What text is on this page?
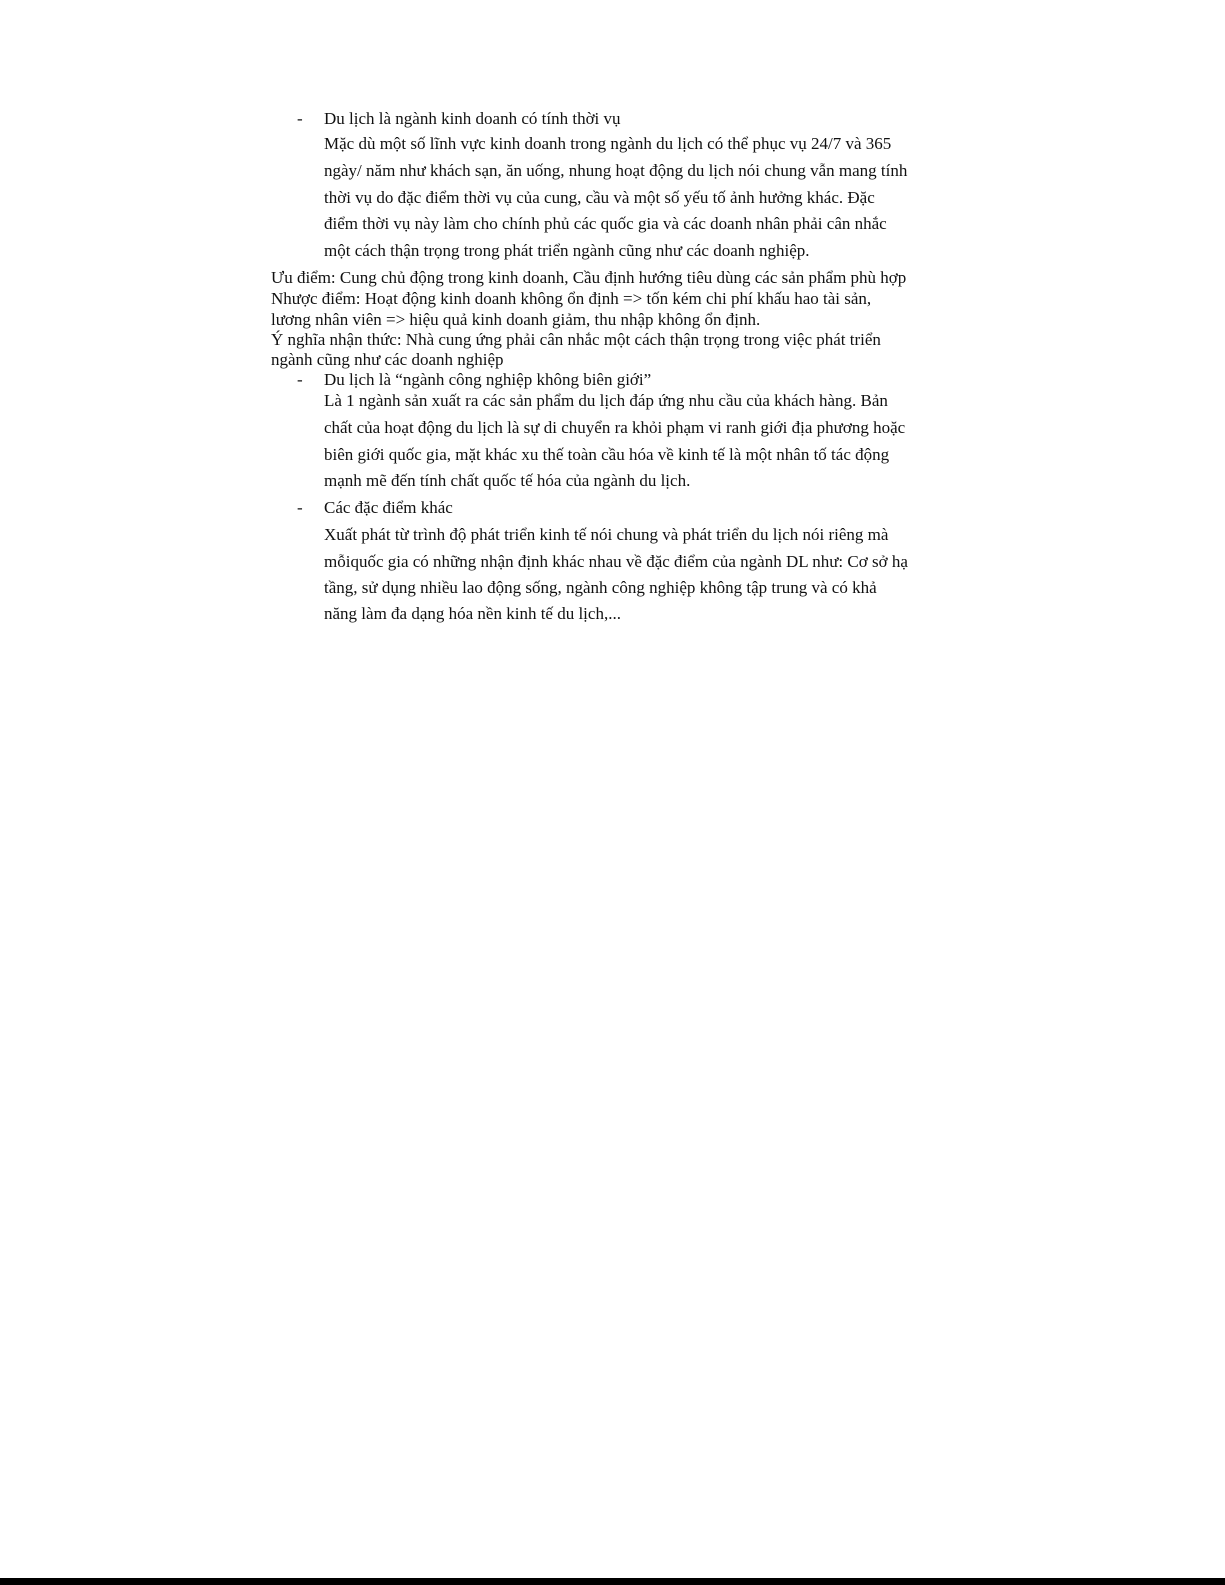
- Du lịch là ngành kinh doanh có tính thời vụ
Mặc dù một số lĩnh vực kinh doanh trong ngành du lịch có thể phục vụ 24/7 và 365
ngày/ năm như khách sạn, ăn uống, nhung hoạt động du lịch nói chung vẫn mang tính
thời vụ do đặc điểm thời vụ của cung, cầu và một số yếu tố ảnh hưởng khác. Đặc
điểm thời vụ này làm cho chính phủ các quốc gia và các doanh nhân phải cân nhắc
một cách thận trọng trong phát triển ngành cũng như các doanh nghiệp.
Ưu điểm: Cung chủ động trong kinh doanh, Cầu định hướng tiêu dùng các sản phẩm phù hợp
Nhược điểm: Hoạt động kinh doanh không ổn định => tốn kém chi phí khấu hao tài sản,
lương nhân viên => hiệu quả kinh doanh giảm, thu nhập không ổn định.
Ý nghĩa nhận thức: Nhà cung ứng phải cân nhắc một cách thận trọng trong việc phát triển
ngành cũng như các doanh nghiệp
- Du lịch là “ngành công nghiệp không biên giới”
Là 1 ngành sản xuất ra các sản phẩm du lịch đáp ứng nhu cầu của khách hàng. Bản
chất của hoạt động du lịch là sự di chuyển ra khỏi phạm vi ranh giới địa phương hoặc
biên giới quốc gia, mặt khác xu thế toàn cầu hóa về kinh tế là một nhân tố tác động
mạnh mẽ đến tính chất quốc tế hóa của ngành du lịch.
- Các đặc điểm khác
Xuất phát từ trình độ phát triển kinh tế nói chung và phát triển du lịch nói riêng mà
mỗiquốc gia có những nhận định khác nhau về đặc điểm của ngành DL như: Cơ sở hạ
tầng, sử dụng nhiều lao động sống, ngành công nghiệp không tập trung và có khả
năng làm đa dạng hóa nền kinh tế du lịch,...
